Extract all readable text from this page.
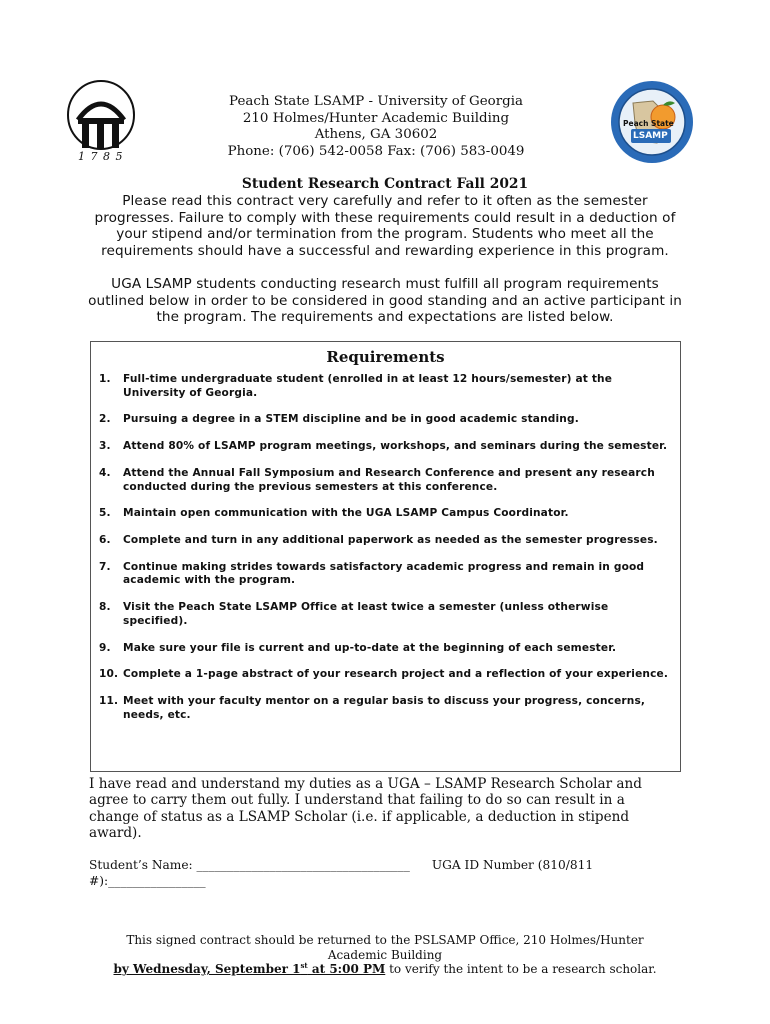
1 7 8 5
Peach State
LSAMP
Peach State LSAMP - University of Georgia
210 Holmes/Hunter Academic Building
Athens, GA 30602
Phone: (706) 542-0058 Fax: (706) 583-0049
Student Research Contract Fall 2021
Please read this contract very carefully and refer to it often as the semester progresses. Failure to comply with these requirements could result in a deduction of your stipend and/or termination from the program. Students who meet all the requirements should have a successful and rewarding experience in this program.
UGA LSAMP students conducting research must fulfill all program requirements outlined below in order to be considered in good standing and an active participant in the program. The requirements and expectations are listed below.
Requirements
1. Full-time undergraduate student (enrolled in at least 12 hours/semester) at the University of Georgia.
2. Pursuing a degree in a STEM discipline and be in good academic standing.
3. Attend 80% of LSAMP program meetings, workshops, and seminars during the semester.
4. Attend the Annual Fall Symposium and Research Conference and present any research conducted during the previous semesters at this conference.
5. Maintain open communication with the UGA LSAMP Campus Coordinator.
6. Complete and turn in any additional paperwork as needed as the semester progresses.
7. Continue making strides towards satisfactory academic progress and remain in good academic with the program.
8. Visit the Peach State LSAMP Office at least twice a semester (unless otherwise specified).
9. Make sure your file is current and up-to-date at the beginning of each semester.
10. Complete a 1-page abstract of your research project and a reflection of your experience.
11. Meet with your faculty mentor on a regular basis to discuss your progress, concerns, needs, etc.
I have read and understand my duties as a UGA – LSAMP Research Scholar and agree to carry them out fully. I understand that failing to do so can result in a change of status as a LSAMP Scholar (i.e. if applicable, a deduction in stipend award).
Student’s Name: ___________________________________ UGA ID Number (810/811 #):________________
This signed contract should be returned to the PSLSAMP Office, 210 Holmes/Hunter Academic Building
by Wednesday, September 1st at 5:00 PM to verify the intent to be a research scholar.
